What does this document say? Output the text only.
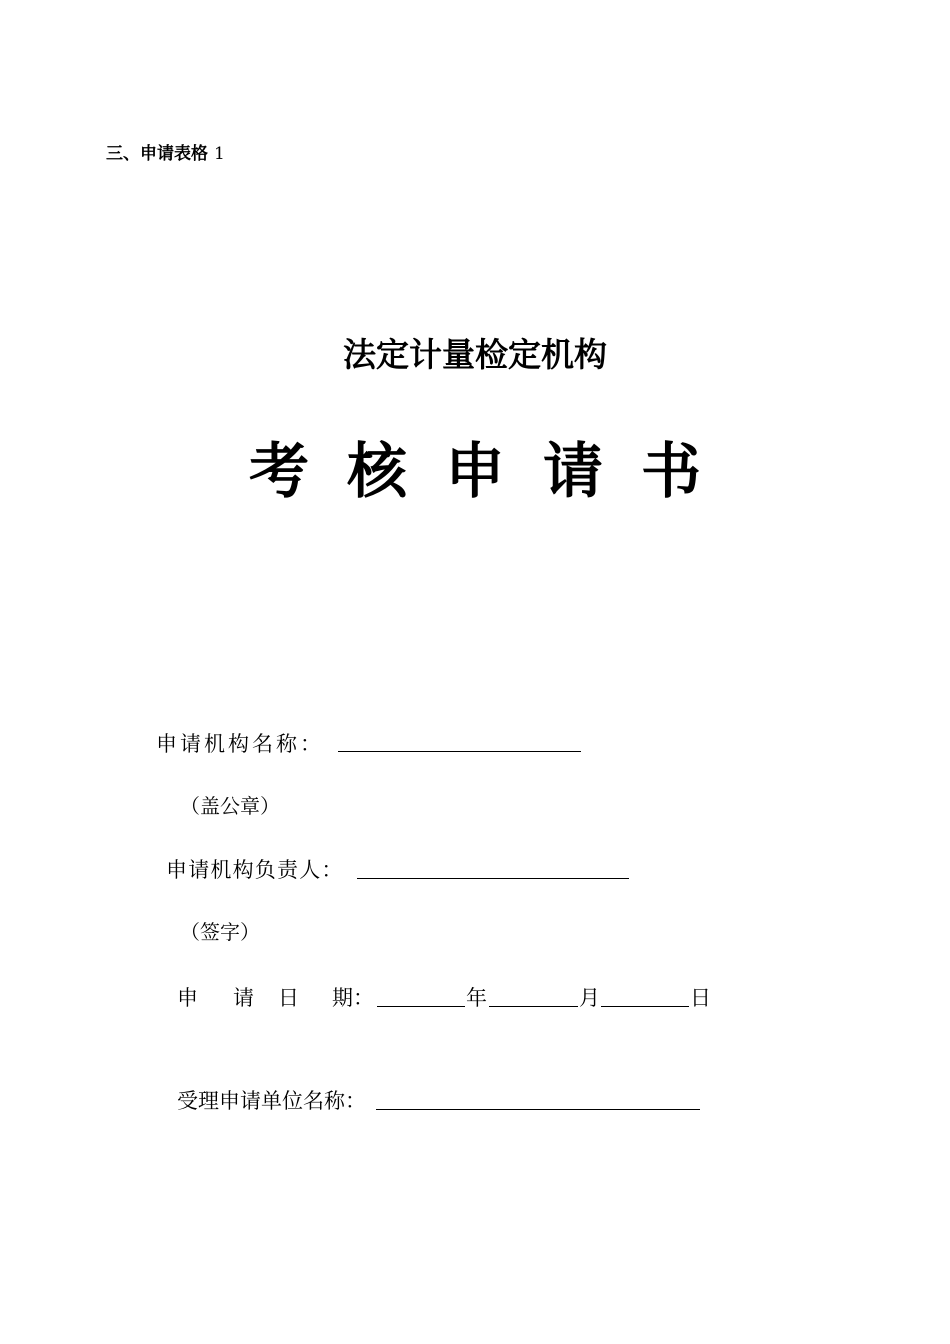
三、申请表格 1
法定计量检定机构
考 核 申 请 书
申请机构名称：
（盖公章）
申请机构负责人：
（签字）
申 请 日 期：	年	月	日
受理申请单位名称：
